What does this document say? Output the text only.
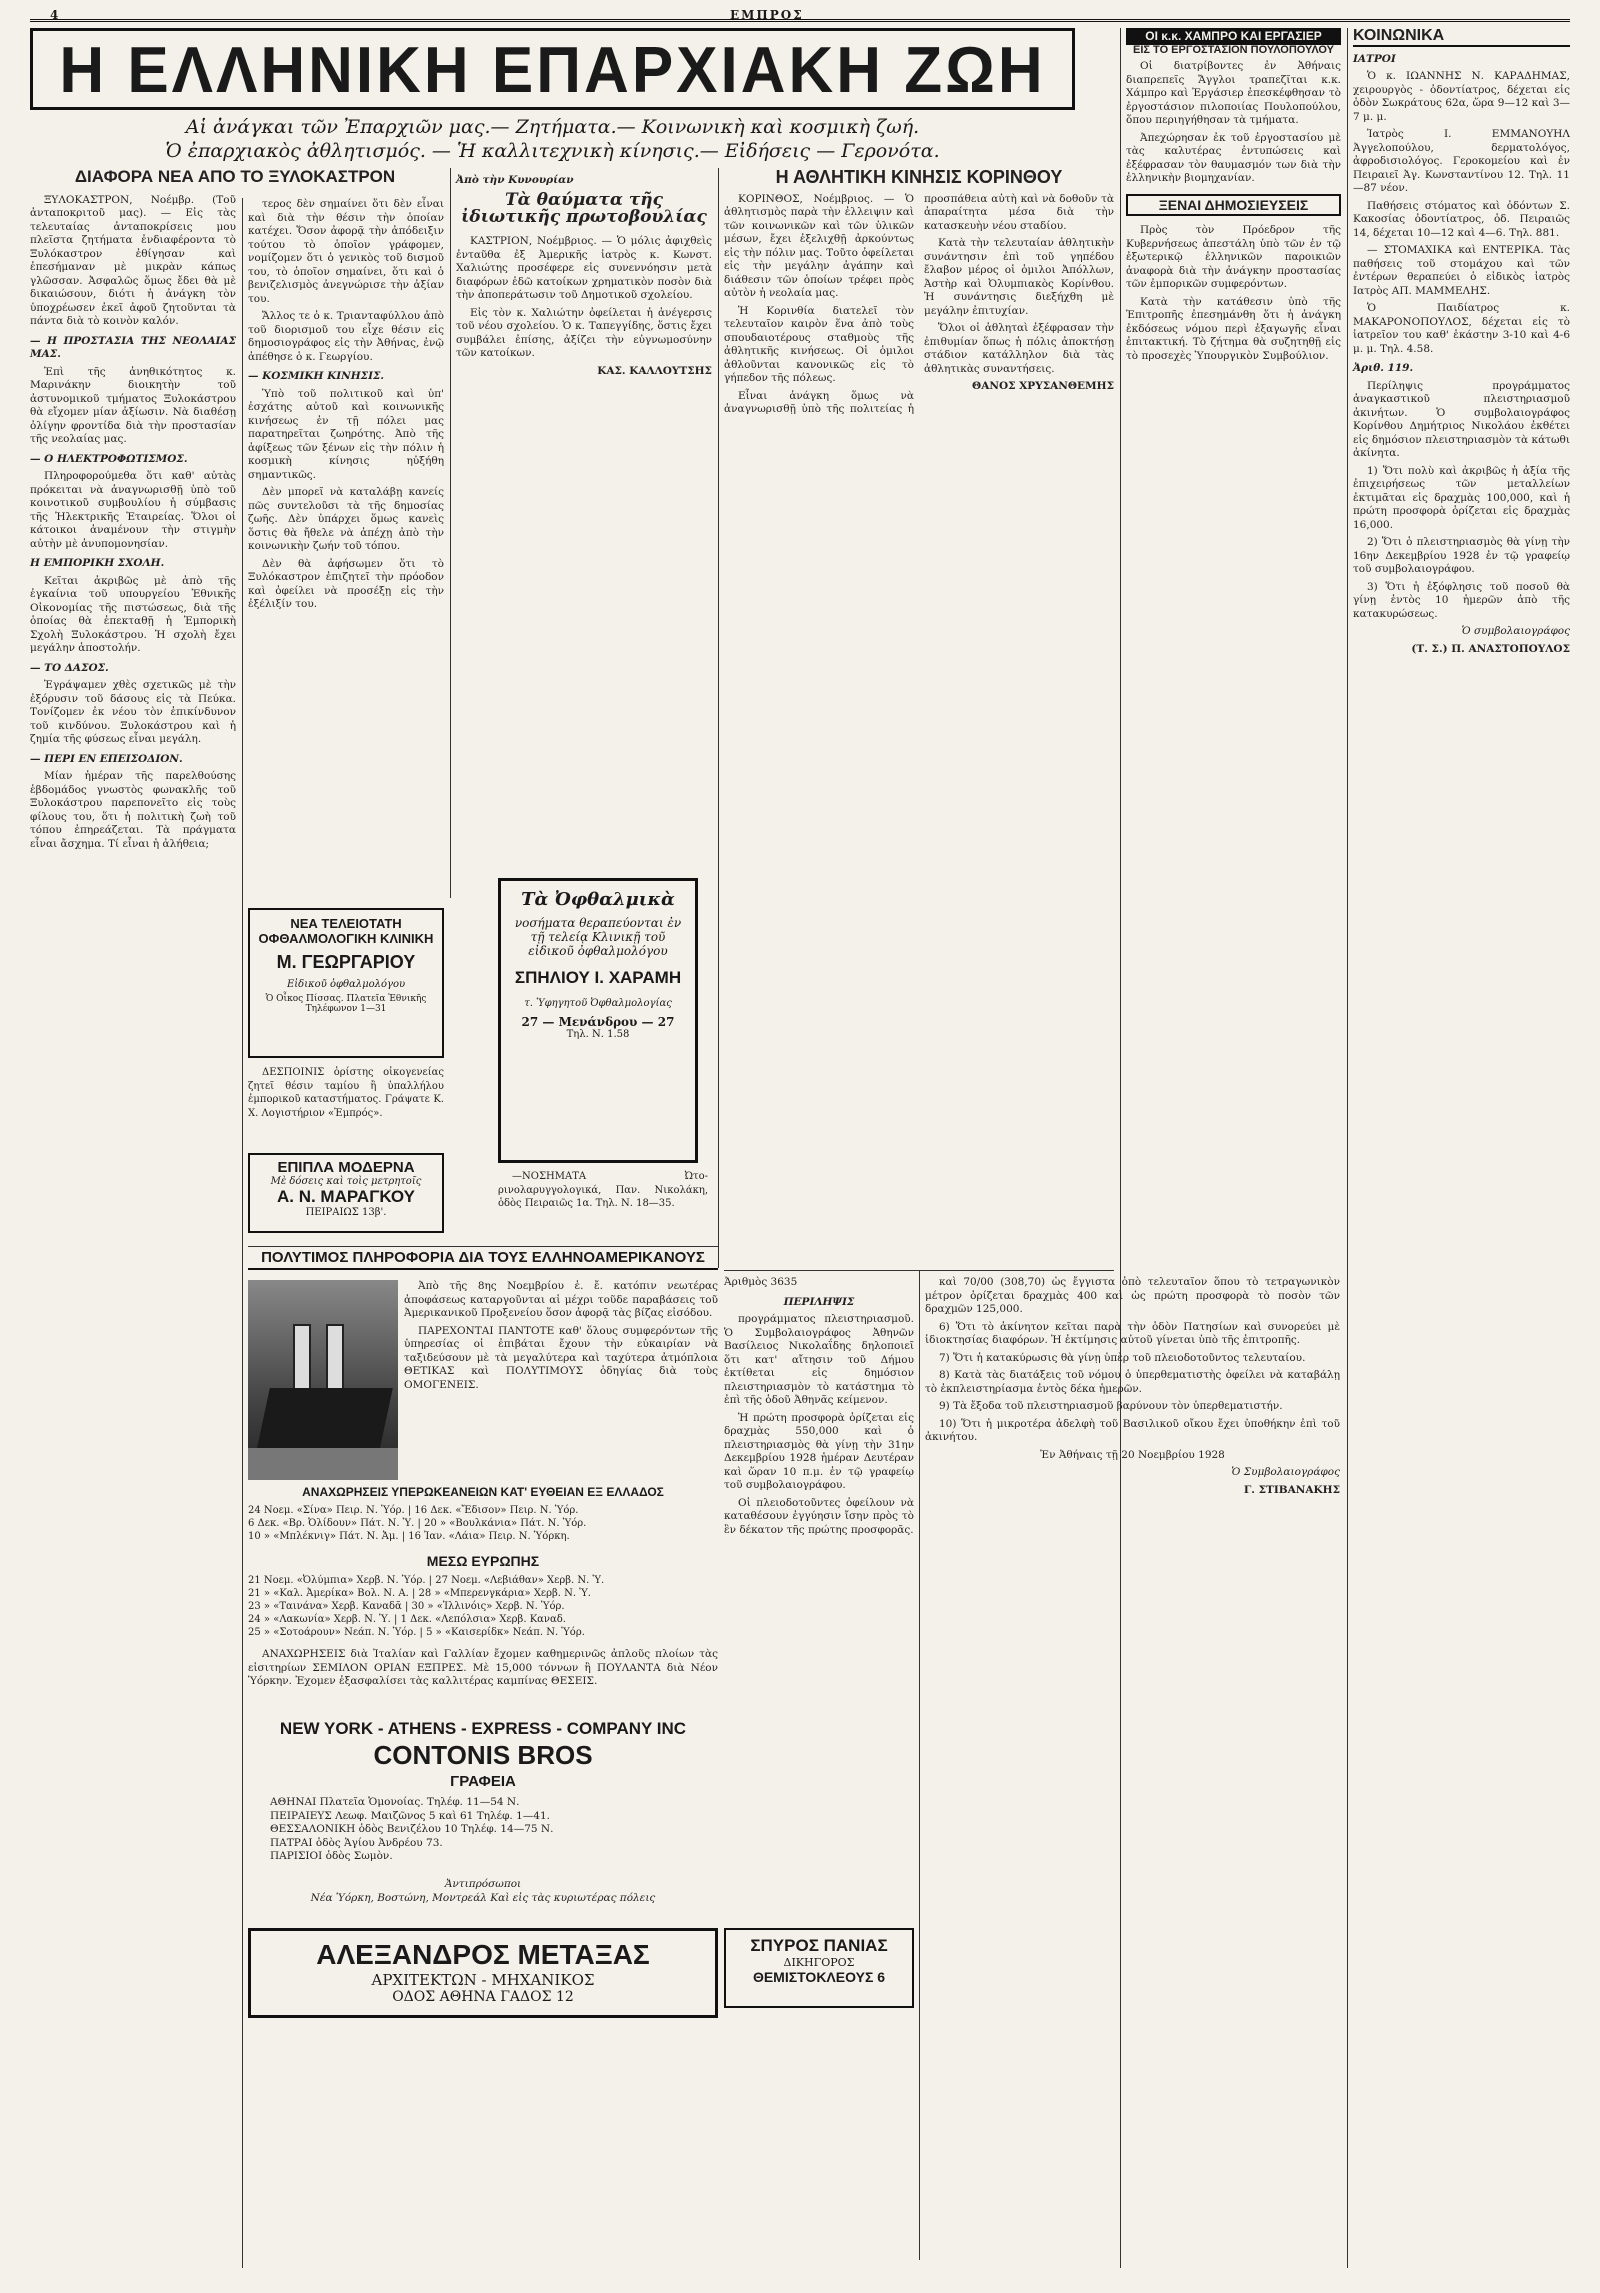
4	ΕΜΠΡΟΣ
Η ΕΛΛΗΝΙΚΗ ΕΠΑΡΧΙΑΚΗ ΖΩΗ
Αἱ ἀνάγκαι τῶν Ἐπαρχιῶν μας.— Ζητήματα.— Κοινωνικὴ καὶ κοσμικὴ ζωή.
Ὁ ἐπαρχιακὸς ἀθλητισμός. — Ἡ καλλιτεχνικὴ κίνησις.— Εἰδήσεις — Γερονότα.
ΔΙΑΦΟΡΑ ΝΕΑ ΑΠΟ ΤΟ ΞΥΛΟΚΑΣΤΡΟΝ

ΞΥΛΟΚΑΣΤΡΟΝ, Νοέμβρ. (Τοῦ ἀνταποκριτοῦ μας). — Εἰς τὰς τελευταίας ἀνταποκρίσεις μου πλεῖστα ζητήματα ἐνδιαφέροντα τὸ Ξυλόκαστρον ἐθίγησαν καὶ ἐπεσήμαναν μὲ μικρὰν κάπως γλῶσσαν. Ἀσφαλῶς ὅμως ἔδει θὰ μὲ δικαιώσουν, διότι ἡ ἀνάγκη τὸν ὑποχρέωσεν ἐκεῖ ἀφοῦ ζητοῦνται τὰ πάντα διὰ τὸ κοινὸν καλόν.

— Η ΠΡΟΣΤΑΣΙΑ ΤΗΣ ΝΕΟΛΑΙΑΣ ΜΑΣ.

Ἐπὶ τῆς ἀνηθικότητος κ. Μαρινάκην διοικητὴν τοῦ ἀστυνομικοῦ τμήματος Ξυλοκάστρου θὰ εἴχομεν μίαν ἀξίωσιν. Νὰ διαθέσῃ ὀλίγην φροντίδα διὰ τὴν προστασίαν τῆς νεολαίας μας.

— Ο ΗΛΕΚΤΡΟΦΩΤΙΣΜΟΣ.

Πληροφορούμεθα ὅτι καθ' αὐτὰς πρόκειται νὰ ἀναγνωρισθῇ ὑπὸ τοῦ κοινοτικοῦ συμβουλίου ἡ σύμβασις τῆς Ἠλεκτρικῆς Ἑταιρείας. Ὅλοι οἱ κάτοικοι ἀναμένουν τὴν στιγμὴν αὐτὴν μὲ ἀνυπομονησίαν.

Η ΕΜΠΟΡΙΚΗ ΣΧΟΛΗ.

Κεῖται ἀκριβῶς μὲ ἀπὸ τῆς ἐγκαίνια τοῦ υπουργείου Ἐθνικῆς Οἰκονομίας τῆς πιστώσεως, διὰ τῆς ὁποίας θὰ ἐπεκταθῇ ἡ Ἐμπορικὴ Σχολὴ Ξυλοκάστρου. Ἡ σχολὴ ἔχει μεγάλην ἀποστολήν.

— ΤΟ ΔΑΣΟΣ.

Ἐγράψαμεν χθὲς σχετικῶς μὲ τὴν ἐξόρυσιν τοῦ δάσους εἰς τὰ Πεύκα. Τονίζομεν ἐκ νέου τὸν ἐπικίνδυνον τοῦ κινδύνου. Ξυλοκάστρου καὶ ἡ ζημία τῆς φύσεως εἶναι μεγάλη.

— ΠΕΡΙ ΕΝ ΕΠΕΙΣΟΔΙΟΝ.

Μίαν ἡμέραν τῆς παρελθούσης ἑβδομάδος γνωστὸς φωνακλῆς τοῦ Ξυλοκάστρου παρεπονεῖτο εἰς τοὺς φίλους του, ὅτι ἡ πολιτικὴ ζωὴ τοῦ τόπου ἐπηρεάζεται. Τὰ πράγματα εἶναι ἄσχημα. Τί εἶναι ἡ ἀλήθεια;

τερος δὲν σημαίνει ὅτι δὲν εἶναι καὶ διὰ τὴν θέσιν τὴν ὁποίαν κατέχει. Ὅσον ἀφορᾷ τὴν ἀπόδειξιν τούτου τὸ ὁποῖον γράφομεν, νομίζομεν ὅτι ὁ γενικὸς τοῦ δισμοῦ του, τὸ ὁποῖον σημαίνει, ὅτι καὶ ὁ βενιζελισμὸς ἀνεγνώρισε τὴν ἀξίαν του.

Ἄλλος τε ὁ κ. Τριανταφύλλου ἀπὸ τοῦ διορισμοῦ του εἶχε θέσιν εἰς δημοσιογράφος εἰς τὴν Ἀθήνας, ἐνῷ ἀπέθησε ὁ κ. Γεωργίου.

— ΚΟΣΜΙΚΗ ΚΙΝΗΣΙΣ.

Ὑπὸ τοῦ πολιτικοῦ καὶ ὑπ' ἐσχάτης αὐτοῦ καὶ κοινωνικῆς κινήσεως ἐν τῇ πόλει μας παρατηρεῖται ζωηρότης. Ἀπὸ τῆς ἀφίξεως τῶν ξένων εἰς τὴν πόλιν ἡ κοσμικὴ κίνησις ηὐξήθη σημαντικῶς.

Δὲν μπορεῖ νὰ καταλάβῃ κανείς πῶς συντελοῦσι τὰ τῆς δημοσίας ζωῆς. Δὲν ὑπάρχει ὅμως κανεὶς ὅστις θὰ ἤθελε νὰ ἀπέχῃ ἀπὸ τὴν κοινωνικὴν ζωήν τοῦ τόπου.

Δὲν θὰ ἀφήσωμεν ὅτι τὸ Ξυλόκαστρον ἐπιζητεῖ τὴν πρόοδον καὶ ὀφείλει νὰ προσέξῃ εἰς τὴν ἐξέλιξίν του.

Ἀπὸ τὴν Κυνουρίαν

Τὰ θαύματα τῆς ἰδιωτικῆς πρωτοβουλίας

ΚΑΣΤΡΙΟΝ, Νοέμβριος. — Ὁ μόλις ἀφιχθεὶς ἐνταῦθα ἐξ Ἀμερικῆς ἰατρὸς κ. Κωνστ. Χαλιώτης προσέφερε εἰς συνεννόησιν μετὰ διαφόρων ἐδῶ κατοίκων χρηματικὸν ποσὸν διὰ τὴν ἀποπεράτωσιν τοῦ Δημοτικοῦ σχολείου.

Εἰς τὸν κ. Χαλιώτην ὀφείλεται ἡ ἀνέγερσις τοῦ νέου σχολείου. Ὁ κ. Ταπεγγίδης, ὅστις ἔχει συμβάλει ἐπίσης, ἀξίζει τὴν εὐγνωμοσύνην τῶν κατοίκων.

ΚΑΣ. ΚΑΛΛΟΥΤΣΗΣ

ΝΕΑ ΤΕΛΕΙΟΤΑΤΗ
ΟΦΘΑΛΜΟΛΟΓΙΚΗ ΚΛΙΝΙΚΗ
Μ. ΓΕΩΡΓΑΡΙΟΥ
Εἰδικοῦ ὀφθαλμολόγου
Ὁ Οἶκος Πίσσας. Πλατεῖα Ἐθνικῆς Τηλέφωνον 1—31

ΔΕΣΠΟΙΝΙΣ ὁρίστης οἰκογενείας ζητεῖ θέσιν ταμίου ἢ ὑπαλλήλου ἐμπορικοῦ καταστήματος. Γράψατε Κ. Χ. Λογιστήριον «Ἐμπρός».

ΕΠΙΠΛΑ ΜΟΔΕΡΝΑ
Μὲ δόσεις καὶ τοὶς μετρητοῖς
Α. Ν. ΜΑΡΑΓΚΟΥ
ΠΕΙΡΑΙΩΣ 13β'.
Τὰ Ὀφθαλμικὰ
νοσήματα θεραπεύονται ἐν τῇ τελείᾳ Κλινικῇ τοῦ εἰδικοῦ ὀφθαλμολόγου
ΣΠΗΛΙΟΥ Ι. ΧΑΡΑΜΗ
τ. Ὑφηγητοῦ Ὀφθαλμολογίας
27 — Μενάνδρου — 27
Τηλ. Ν. 1.58

—ΝΟΣΗΜΑΤΑ Ὠτο-ρινολαρυγγολογικά, Παν. Νικολάκη, ὁδὸς Πειραιῶς 1α. Τηλ. Ν. 18—35.

Η ΑΘΛΗΤΙΚΗ ΚΙΝΗΣΙΣ ΚΟΡΙΝΘΟΥ

ΚΟΡΙΝΘΟΣ, Νοέμβριος. — Ὁ ἀθλητισμὸς παρὰ τὴν ἐλλειψιν καὶ τῶν κοινωνικῶν καὶ τῶν ὑλικῶν μέσων, ἔχει ἐξελιχθῇ ἀρκούντως εἰς τὴν πόλιν μας. Τοῦτο ὀφείλεται εἰς τὴν μεγάλην ἀγάπην καὶ διάθεσιν τῶν ὁποίων τρέφει πρὸς αὐτὸν ἡ νεολαία μας.

Ἡ Κορινθία διατελεῖ τὸν τελευταῖον καιρὸν ἕνα ἀπὸ τοὺς σπουδαιοτέρους σταθμοὺς τῆς ἀθλητικῆς κινήσεως. Οἱ ὁμιλοι ἀθλοῦνται κανονικῶς εἰς τὸ γήπεδον τῆς πόλεως.

Εἶναι ἀνάγκη ὅμως νὰ ἀναγνωρισθῇ ὑπὸ τῆς πολιτείας ἡ προσπάθεια αὐτὴ καὶ νὰ δοθοῦν τὰ ἀπαραίτητα μέσα διὰ τὴν κατασκευὴν νέου σταδίου.

Κατὰ τὴν τελευταίαν ἀθλητικὴν συνάντησιν ἐπὶ τοῦ γηπέδου ἔλαβον μέρος οἱ ὁμιλοι Ἀπόλλων, Ἀστὴρ καὶ Ὀλυμπιακὸς Κορίνθου. Ἡ συνάντησις διεξήχθη μὲ μεγάλην ἐπιτυχίαν.

Ὅλοι οἱ ἀθληταὶ ἐξέφρασαν τὴν ἐπιθυμίαν ὅπως ἡ πόλις ἀποκτήσῃ στάδιον κατάλληλον διὰ τὰς ἀθλητικὰς συναντήσεις.

ΘΑΝΟΣ ΧΡΥΣΑΝΘΕΜΗΣ

ΟΙ κ.κ. ΧΑΜΠΡΟ ΚΑΙ ΕΡΓΑΣΙΕΡ
ΕΙΣ ΤΟ ΕΡΓΟΣΤΑΣΙΟΝ ΠΟΥΛΟΠΟΥΛΟΥ

Οἱ διατρίβοντες ἐν Ἀθήναις διαπρεπεῖς Ἄγγλοι τραπεζῖται κ.κ. Χάμπρο καὶ Ἐργάσιερ ἐπεσκέφθησαν τὸ ἐργοστάσιον πιλοποιίας Πουλοπούλου, ὅπου περιηγήθησαν τὰ τμήματα.

Ἀπεχώρησαν ἐκ τοῦ ἐργοστασίου μὲ τὰς καλυτέρας ἐντυπώσεις καὶ ἐξέφρασαν τὸν θαυμασμόν των διὰ τὴν ἑλληνικὴν βιομηχανίαν.

ΞΕΝΑΙ ΔΗΜΟΣΙΕΥΣΕΙΣ

Πρὸς τὸν Πρόεδρον τῆς Κυβερνήσεως ἀπεστάλη ὑπὸ τῶν ἐν τῷ ἐξωτερικῷ ἑλληνικῶν παροικιῶν ἀναφορὰ διὰ τὴν ἀνάγκην προστασίας τῶν ἐμπορικῶν συμφερόντων.

Κατὰ τὴν κατάθεσιν ὑπὸ τῆς Ἐπιτροπῆς ἐπεσημάνθη ὅτι ἡ ἀνάγκη ἐκδόσεως νόμου περὶ ἐξαγωγῆς εἶναι ἐπιτακτική. Τὸ ζήτημα θὰ συζητηθῇ εἰς τὸ προσεχὲς Ὑπουργικὸν Συμβούλιον.

ΚΟΙΝΩΝΙΚΑ

ΙΑΤΡΟΙ

Ὁ κ. ΙΩΑΝΝΗΣ Ν. ΚΑΡΑΔΗΜΑΣ, χειρουργὸς - ὀδοντίατρος, δέχεται εἰς ὁδὸν Σωκράτους 62α, ὥρα 9—12 καὶ 3—7 μ. μ.

Ἰατρὸς Ι. ΕΜΜΑΝΟΥΗΛ Ἀγγελοπούλου, δερματολόγος, ἀφροδισιολόγος. Γεροκομείου καὶ ἐν Πειραιεῖ Ἀγ. Κωνσταντίνου 12. Τηλ. 11—87 νέον.

Παθήσεις στόματος καὶ ὀδόντων Σ. Κακοσίας ὀδοντίατρος, ὁδ. Πειραιῶς 14, δέχεται 10—12 καὶ 4—6. Τηλ. 881.

— ΣΤΟΜΑΧΙΚΑ καὶ ΕΝΤΕΡΙΚΑ. Τὰς παθήσεις τοῦ στομάχου καὶ τῶν ἐντέρων θεραπεύει ὁ εἰδικὸς ἰατρὸς Ιατρὸς ΑΠ. ΜΑΜΜΕΛΗΣ.

Ὁ Παιδίατρος κ. ΜΑΚΑΡΟΝΟΠΟΥΛΟΣ, δέχεται εἰς τὸ ἰατρεῖον του καθ' ἑκάστην 3-10 καὶ 4-6 μ. μ. Τηλ. 4.58.

Ἀριθ. 119.

Περίληψις προγράμματος ἀναγκαστικοῦ πλειστηριασμοῦ ἀκινήτων. Ὁ συμβολαιογράφος Κορίνθου Δημήτριος Νικολάου ἐκθέτει εἰς δημόσιον πλειστηριασμὸν τὰ κάτωθι ἀκίνητα.

1) Ὅτι πολὺ καὶ ἀκριβῶς ἡ ἀξία τῆς ἐπιχειρήσεως τῶν μεταλλείων ἐκτιμᾶται εἰς δραχμὰς 100,000, καὶ ἡ πρώτη προσφορὰ ὁρίζεται εἰς δραχμὰς 16,000.

2) Ὅτι ὁ πλειστηριασμὸς θὰ γίνῃ τὴν 16ην Δεκεμβρίου 1928 ἐν τῷ γραφείῳ τοῦ συμβολαιογράφου.

3) Ὅτι ἡ ἐξόφλησις τοῦ ποσοῦ θὰ γίνῃ ἐντὸς 10 ἡμερῶν ἀπὸ τῆς κατακυρώσεως.

Ὁ συμβολαιογράφος

(Τ. Σ.) Π. ΑΝΑΣΤΟΠΟΥΛΟΣ

ΠΟΛΥΤΙΜΟΣ ΠΛΗΡΟΦΟΡΙΑ ΔΙΑ ΤΟΥΣ ΕΛΛΗΝΟΑΜΕΡΙΚΑΝΟΥΣ

Ἀπὸ τῆς 8ης Νοεμβρίου ἐ. ἔ. κατόπιν νεωτέρας ἀποφάσεως καταργοῦνται αἱ μέχρι τοῦδε παραβάσεις τοῦ Ἀμερικανικοῦ Προξενείου ὅσον ἀφορᾷ τὰς βίζας εἰσόδου.

ΠΑΡΕΧΟΝΤΑΙ ΠΑΝΤΟΤΕ καθ' ὅλους συμφερόντων τῆς ὑπηρεσίας οἱ ἐπιβάται ἔχουν τὴν εὐκαιρίαν νὰ ταξιδεύσουν μὲ τὰ μεγαλύτερα καὶ ταχύτερα ἀτμόπλοια ΘΕΤΙΚΑΣ καὶ ΠΟΛΥΤΙΜΟΥΣ ὁδηγίας διὰ τοὺς ΟΜΟΓΕΝΕΙΣ.

ΑΝΑΧΩΡΗΣΕΙΣ ΥΠΕΡΩΚΕΑΝΕΙΩΝ ΚΑΤ' ΕΥΘΕΙΑΝ ΕΞ ΕΛΛΑΔΟΣ
24 Νοεμ. «Σίνα» Πειρ. Ν. Ὑόρ. | 16 Δεκ. «Ἔδισον» Πειρ. Ν. Ὑόρ.
6 Δεκ. «Βρ. Ὀλίδουν» Πάτ. Ν. Ὑ. | 20 » «Βουλκάνια» Πάτ. Ν. Ὑόρ.
10 » «Μπλέκνιγ» Πάτ. Ν. Ἀμ. | 16 Ἰαν. «Λάια» Πειρ. Ν. Ὑόρκη.
ΜΕΣΩ ΕΥΡΩΠΗΣ
21 Νοεμ. «Ὀλύμπια» Χερβ. Ν. Ὑόρ. | 27 Νοεμ. «Λεβιάθαν» Χερβ. Ν. Ὑ.
21 » «Καλ. Ἀμερίκα» Βολ. Ν. Α. | 28 » «Μπερενγκάρια» Χερβ. Ν. Ὑ.
23 » «Ταινάνα» Χερβ. Καναδᾶ | 30 » «Ἰλλινόις» Χερβ. Ν. Ὑόρ.
24 » «Λακωνία» Χερβ. Ν. Ὑ. | 1 Δεκ. «Λεπόλσια» Χερβ. Καναδ.
25 » «Σοτοάρουν» Νεάπ. Ν. Ὑόρ. | 5 » «Καισερίδκ» Νεάπ. Ν. Ὑόρ.

ΑΝΑΧΩΡΗΣΕΙΣ διὰ Ἰταλίαν καὶ Γαλλίαν ἔχομεν καθημερινῶς ἀπλοῦς πλοίων τὰς εἰσιτηρίων ΣΕΜΙΛΟΝ ΟΡΙΑΝ ΕΞΠΡΕΣ. Μὲ 15,000 τόννων ἢ ΠΟΥΛΑΝΤΑ διὰ Νέον Ὑόρκην. Ἐχομεν ἐξασφαλίσει τὰς καλλιτέρας καμπίνας ΘΕΣΕΙΣ.

NEW YORK - ATHENS - EXPRESS - COMPANY INC
CONTONIS BROS
ΓΡΑΦΕΙΑ
ΑΘΗΝΑΙ Πλατεῖα Ὁμονοίας. Τηλέφ. 11—54 Ν.
ΠΕΙΡΑΙΕΥΣ Λεωφ. Μαιζῶνος 5 καὶ 61 Τηλέφ. 1—41.
ΘΕΣΣΑΛΟΝΙΚΗ ὁδὸς Βενιζέλου 10 Τηλέφ. 14—75 Ν.
ΠΑΤΡΑΙ ὁδὸς Ἁγίου Ἀνδρέου 73.
ΠΑΡΙΣΙΟΙ ὁδὸς Σωμὸν.
Ἀντιπρόσωποι
Νέα Ὑόρκη, Βοστώνη, Μοντρεάλ Καὶ εἰς τὰς κυριωτέρας πόλεις
ΑΛΕΞΑΝΔΡΟΣ ΜΕΤΑΞΑΣ
ΑΡΧΙΤΕΚΤΩΝ - ΜΗΧΑΝΙΚΟΣ
ΟΔΟΣ ΑΘΗΝΑ ΓΑΔΟΣ 12

Ἀριθμὸς 3635

ΠΕΡΙΛΗΨΙΣ

προγράμματος πλειστηριασμοῦ. Ὁ Συμβολαιογράφος Ἀθηνῶν Βασίλειος Νικολαΐδης δηλοποιεῖ ὅτι κατ' αἴτησιν τοῦ Δήμου ἐκτίθεται εἰς δημόσιον πλειστηριασμὸν τὸ κατάστημα τὸ ἐπὶ τῆς ὁδοῦ Ἀθηνᾶς κείμενον.

Ἡ πρώτη προσφορὰ ὁρίζεται εἰς δραχμὰς 550,000 καὶ ὁ πλειστηριασμὸς θὰ γίνῃ τὴν 31ην Δεκεμβρίου 1928 ἡμέραν Δευτέραν καὶ ὥραν 10 π.μ. ἐν τῷ γραφείῳ τοῦ συμβολαιογράφου.

Οἱ πλειοδοτοῦντες ὀφείλουν νὰ καταθέσουν ἐγγύησιν ἴσην πρὸς τὸ ἓν δέκατον τῆς πρώτης προσφορᾶς.

ΣΠΥΡΟΣ ΠΑΝΙΑΣ
ΔΙΚΗΓΟΡΟΣ
ΘΕΜΙΣΤΟΚΛΕΟΥΣ 6

καὶ 70/00 (308,70) ὡς ἔγγιστα ὁπὸ τελευταῖον ὅπου τὸ τετραγωνικὸν μέτρον ὁρίζεται δραχμὰς 400 καὶ ὡς πρώτη προσφορὰ τὸ ποσὸν τῶν δραχμῶν 125,000.

6) Ὅτι τὸ ἀκίνητον κεῖται παρὰ τὴν ὁδὸν Πατησίων καὶ συνορεύει μὲ ἰδιοκτησίας διαφόρων. Ἡ ἐκτίμησις αὐτοῦ γίνεται ὑπὸ τῆς ἐπιτροπῆς.

7) Ὅτι ἡ κατακύρωσις θὰ γίνῃ ὑπὲρ τοῦ πλειοδοτοῦντος τελευταίου.

8) Κατὰ τὰς διατάξεις τοῦ νόμου ὁ ὑπερθεματιστὴς ὀφείλει νὰ καταβάλῃ τὸ ἐκπλειστηρίασμα ἐντὸς δέκα ἡμερῶν.

9) Τὰ ἔξοδα τοῦ πλειστηριασμοῦ βαρύνουν τὸν ὑπερθεματιστήν.

10) Ὅτι ἡ μικροτέρα ἀδελφὴ τοῦ Βασιλικοῦ οἴκου ἔχει ὑποθήκην ἐπὶ τοῦ ἀκινήτου.

Ἐν Ἀθήναις τῇ 20 Νοεμβρίου 1928

Ὁ Συμβολαιογράφος

Γ. ΣΤΙΒΑΝΑΚΗΣ
